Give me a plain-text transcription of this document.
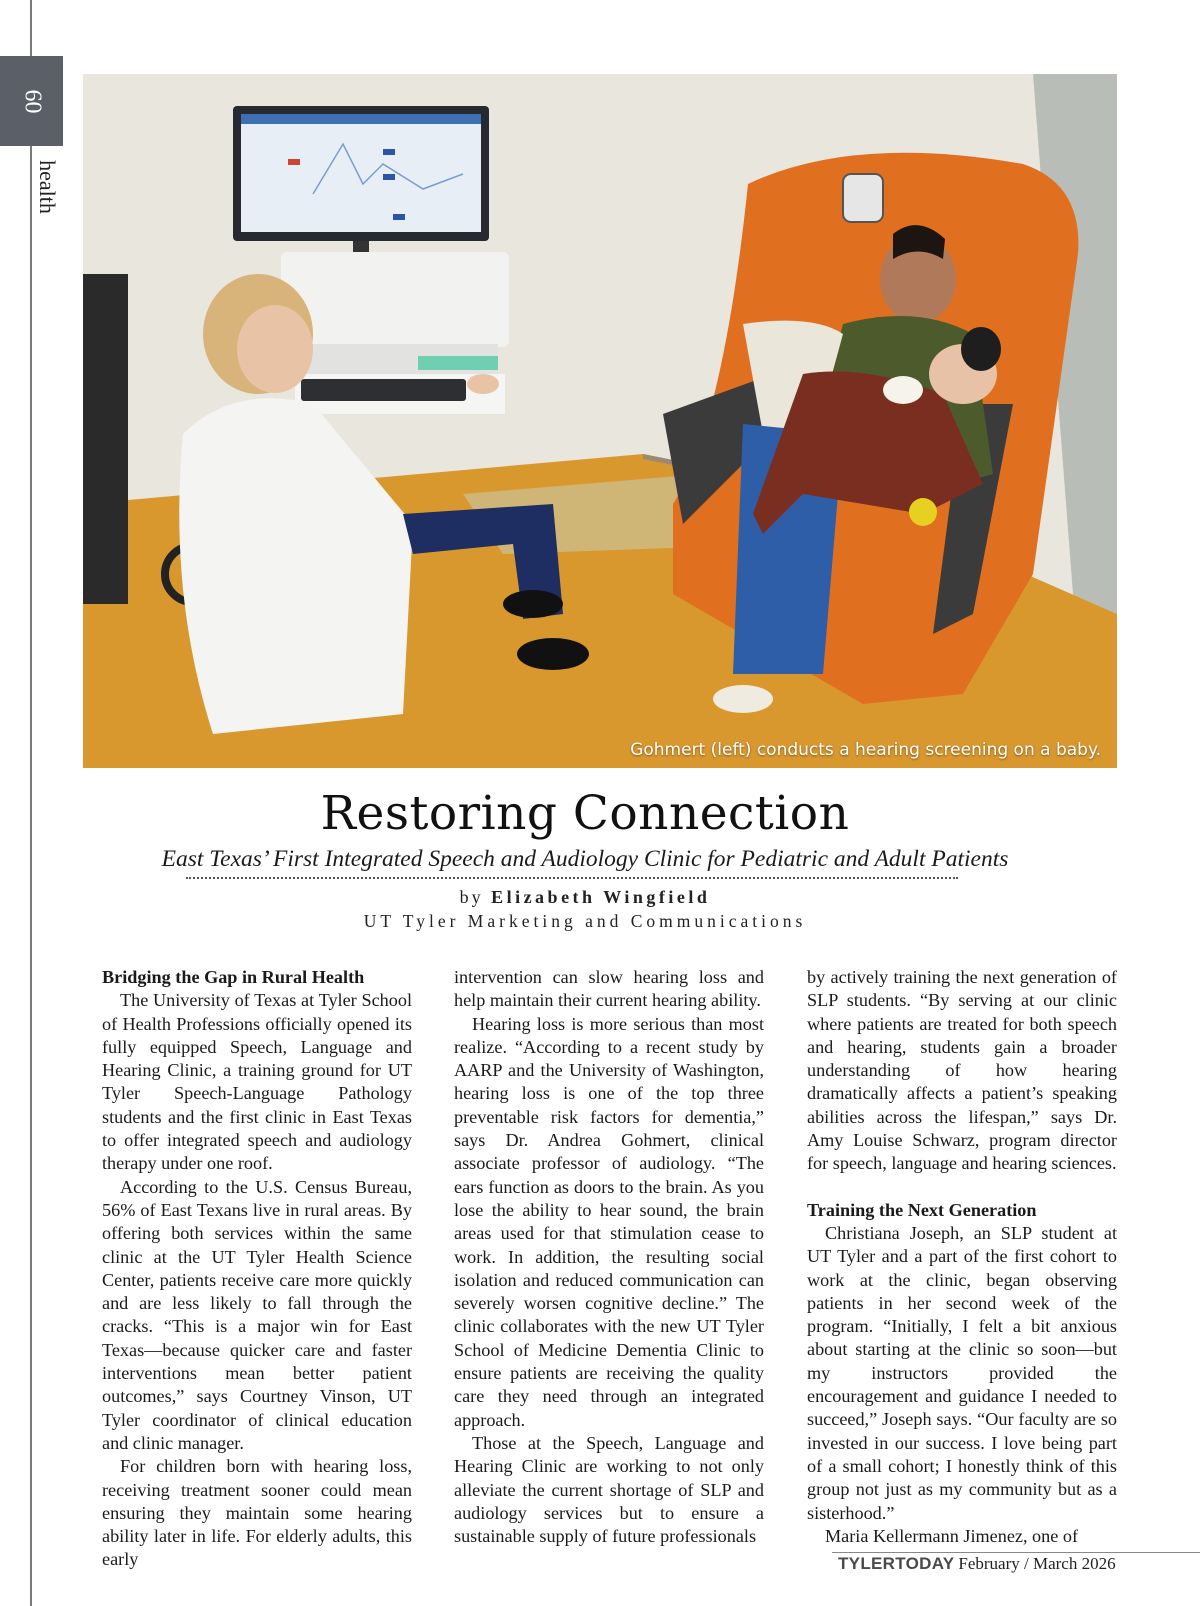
60
health
Gohmert (left) conducts a hearing screening on a baby.
Restoring Connection
East Texas’ First Integrated Speech and Audiology Clinic for Pediatric and Adult Patients
by Elizabeth Wingfield
UT Tyler Marketing and Communications
Bridging the Gap in Rural Health

The University of Texas at Tyler School of Health Professions officially opened its fully equipped Speech, Language and Hearing Clinic, a training ground for UT Tyler Speech-Language Pathology students and the first clinic in East Texas to offer integrated speech and audiology therapy under one roof.

According to the U.S. Census Bureau, 56% of East Texans live in rural areas. By offering both services within the same clinic at the UT Tyler Health Science Center, patients receive care more quickly and are less likely to fall through the cracks. “This is a major win for East Texas—because quicker care and faster interventions mean better patient outcomes,” says Courtney Vinson, UT Tyler coordinator of clinical education and clinic manager.

For children born with hearing loss, receiving treatment sooner could mean ensuring they maintain some hearing ability later in life. For elderly adults, this early

intervention can slow hearing loss and help maintain their current hearing ability.

Hearing loss is more serious than most realize. “According to a recent study by AARP and the University of Washington, hearing loss is one of the top three preventable risk factors for dementia,” says Dr. Andrea Gohmert, clinical associate professor of audiology. “The ears function as doors to the brain. As you lose the ability to hear sound, the brain areas used for that stimulation cease to work. In addition, the resulting social isolation and reduced communication can severely worsen cognitive decline.” The clinic collaborates with the new UT Tyler School of Medicine Dementia Clinic to ensure patients are receiving the quality care they need through an integrated approach.

Those at the Speech, Language and Hearing Clinic are working to not only alleviate the current shortage of SLP and audiology services but to ensure a sustainable supply of future professionals

by actively training the next generation of SLP students. “By serving at our clinic where patients are treated for both speech and hearing, students gain a broader understanding of how hearing dramatically affects a patient’s speaking abilities across the lifespan,” says Dr. Amy Louise Schwarz, program director for speech, language and hearing sciences.

Training the Next Generation

Christiana Joseph, an SLP student at UT Tyler and a part of the first cohort to work at the clinic, began observing patients in her second week of the program. “Initially, I felt a bit anxious about starting at the clinic so soon—but my instructors provided the encouragement and guidance I needed to succeed,” Joseph says. “Our faculty are so invested in our success. I love being part of a small cohort; I honestly think of this group not just as my community but as a sisterhood.”

Maria Kellermann Jimenez, one of

TYLERTODAY February / March 2026
